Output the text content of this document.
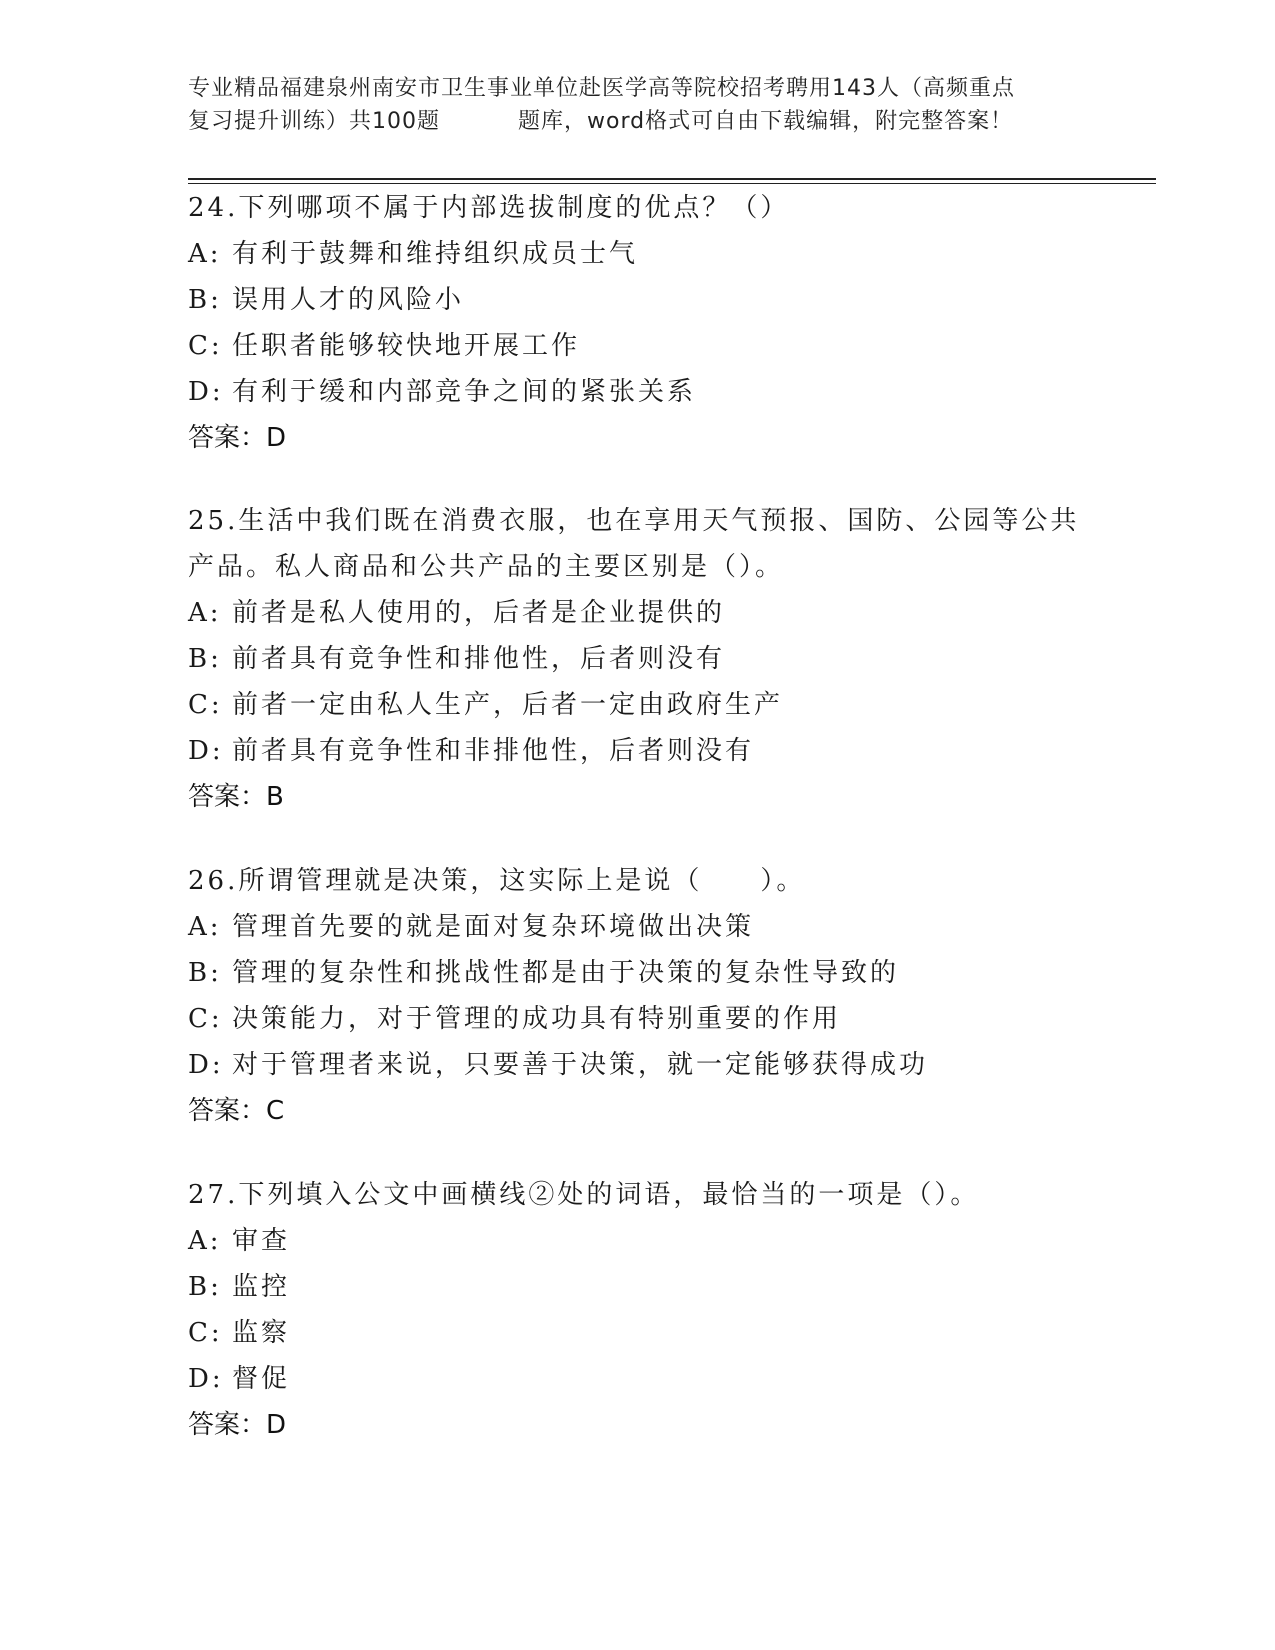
专业精品福建泉州南安市卫生事业单位赴医学高等院校招考聘用143人（高频重点
复习提升训练）共100题	题库，word格式可自由下载编辑，附完整答案！

24.下列哪项不属于内部选拔制度的优点？（）

A: 有利于鼓舞和维持组织成员士气

B: 误用人才的风险小

C: 任职者能够较快地开展工作

D: 有利于缓和内部竞争之间的紧张关系

答案：D

25.生活中我们既在消费衣服，也在享用天气预报、国防、公园等公共产品。私人商品和公共产品的主要区别是（）。

A: 前者是私人使用的，后者是企业提供的

B: 前者具有竞争性和排他性，后者则没有

C: 前者一定由私人生产，后者一定由政府生产

D: 前者具有竞争性和非排他性，后者则没有

答案：B

26.所谓管理就是决策，这实际上是说（　　）。

A: 管理首先要的就是面对复杂环境做出决策

B: 管理的复杂性和挑战性都是由于决策的复杂性导致的

C: 决策能力，对于管理的成功具有特别重要的作用

D: 对于管理者来说，只要善于决策，就一定能够获得成功

答案：C

27.下列填入公文中画横线②处的词语，最恰当的一项是（）。

A: 审查

B: 监控

C: 监察

D: 督促

答案：D
